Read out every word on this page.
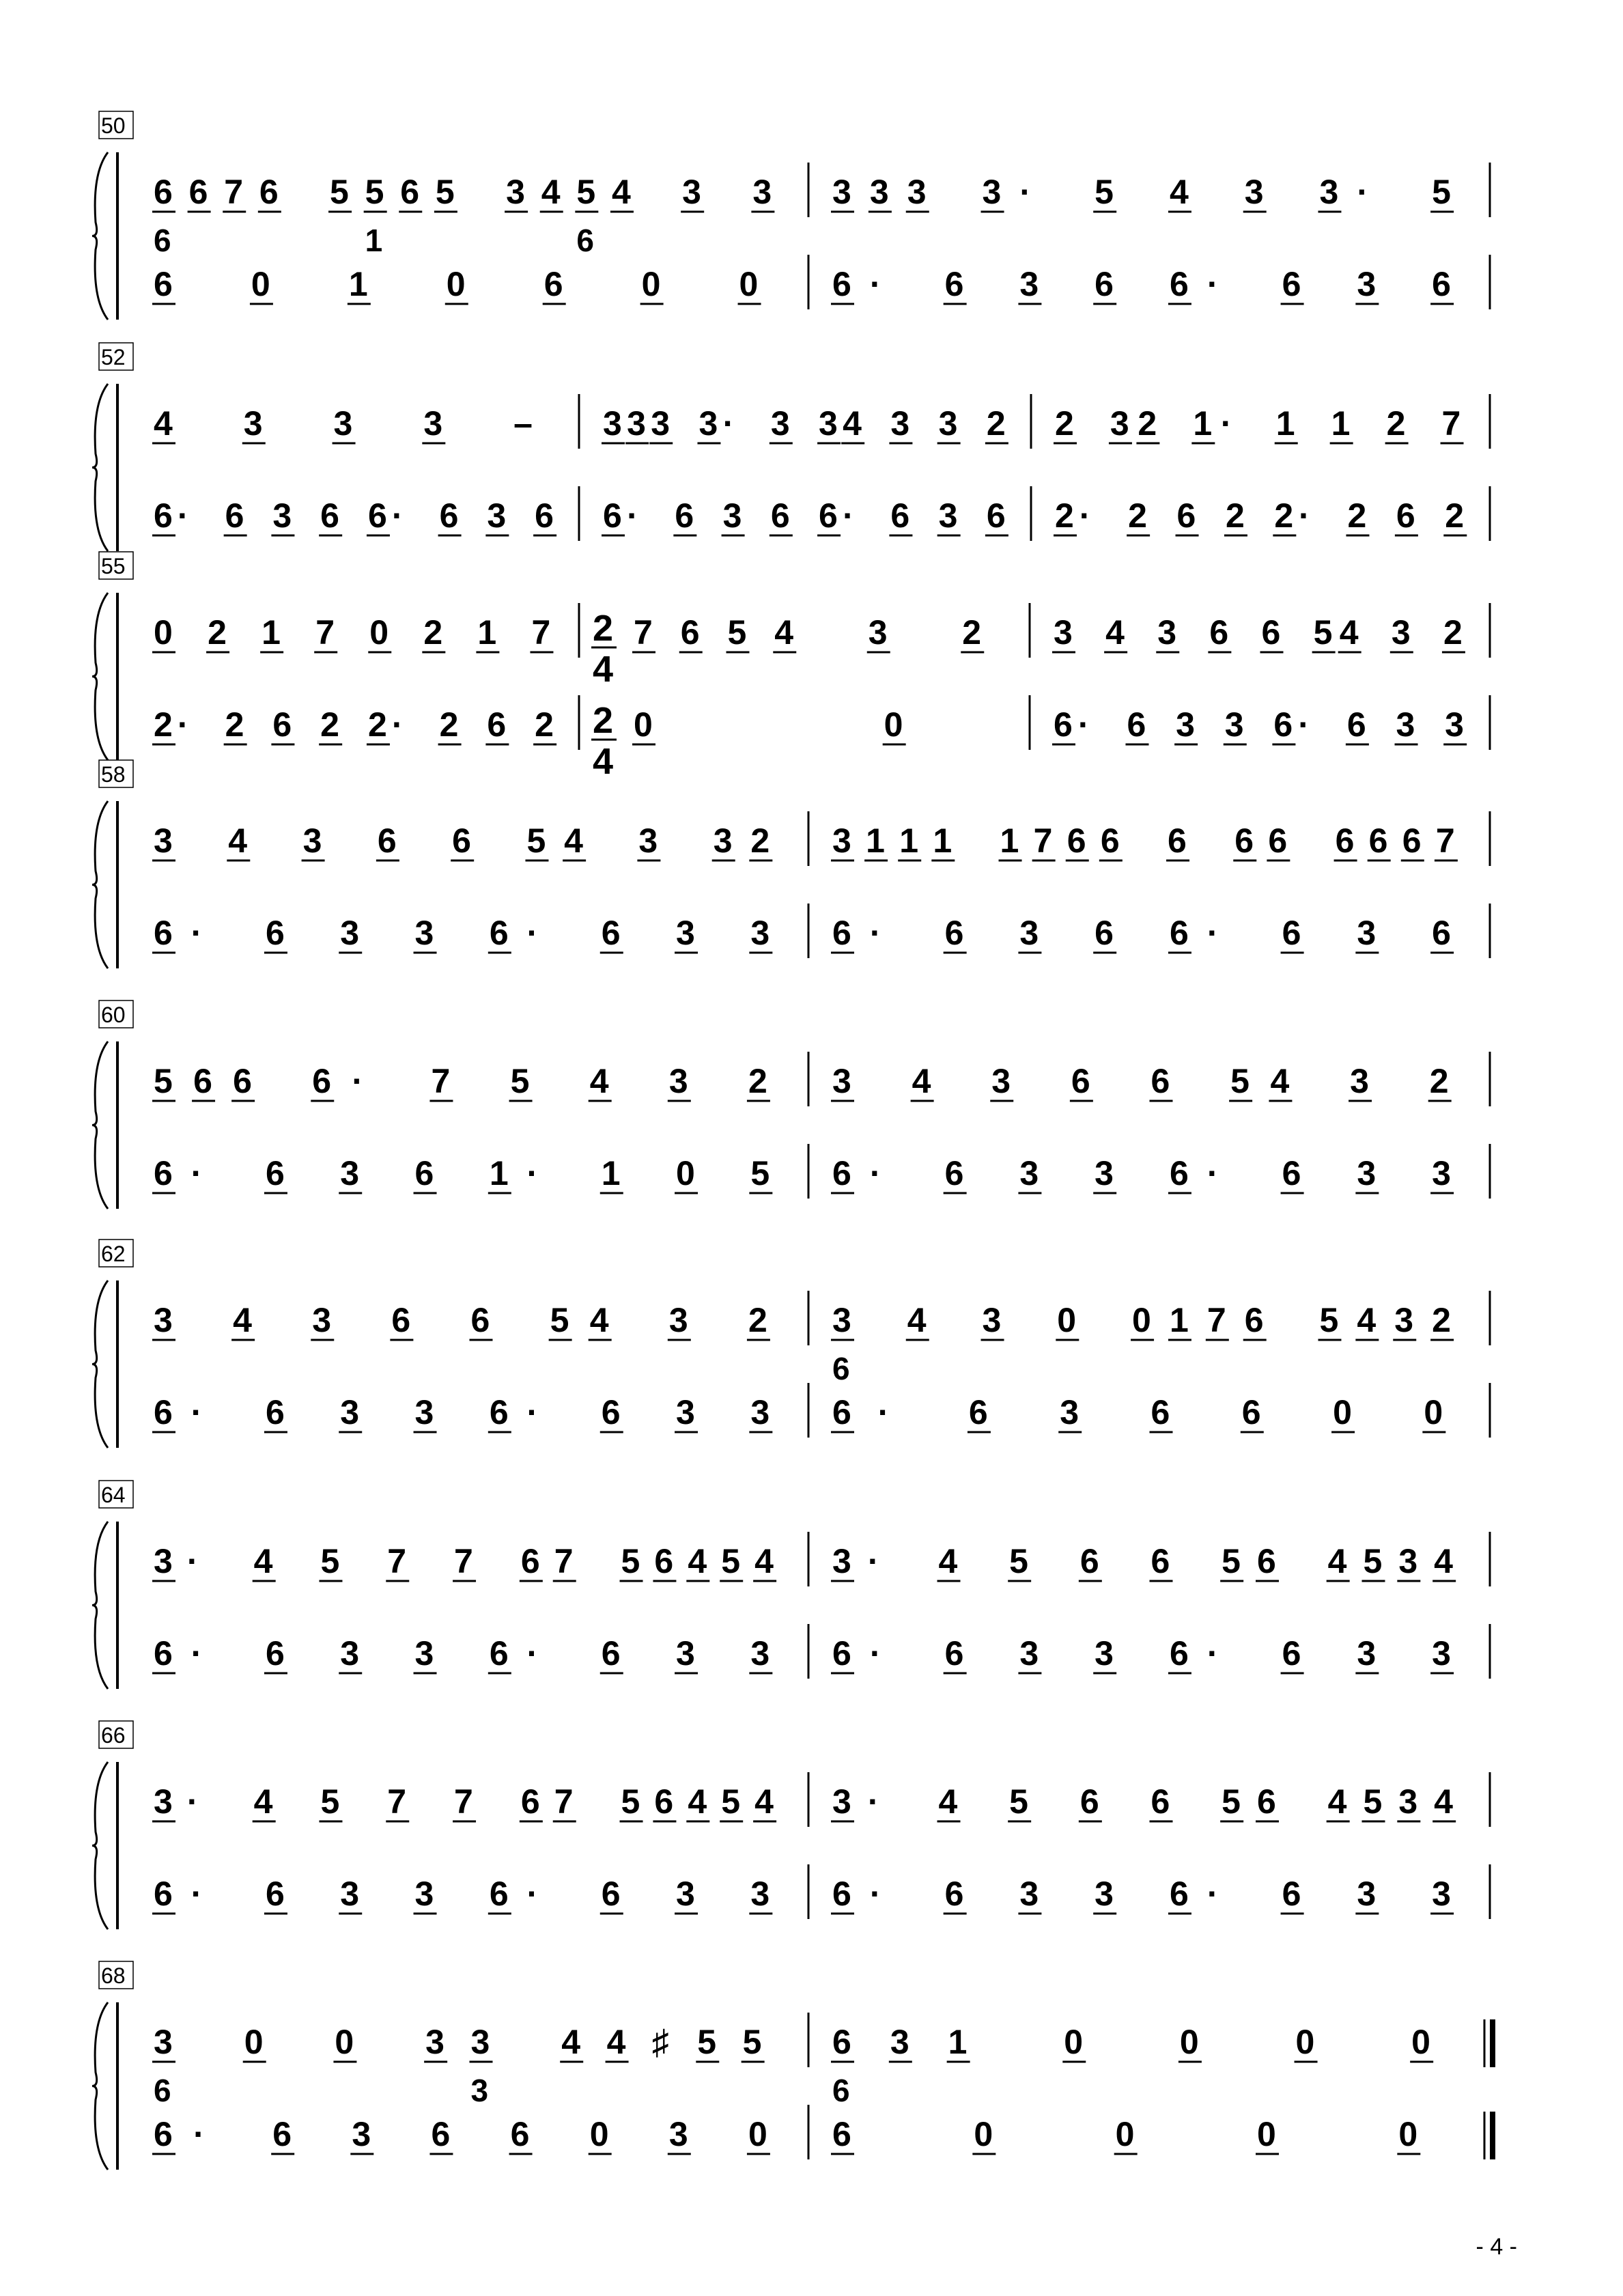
50
6 6 7 6 5 5 6 5 3 4 5 4 3 3
6 0 1 0 6 0 0
6	1	6
3 3 3 3 · 5 4 3 3 · 5
6 · 6 3 6 6 · 6 3 6
52
4 3 3 3 –
6 · 6 3 6 6 · 6 3 6
3 3 3 3 · 3 3 4 3 3 2
6 · 6 3 6 6 · 6 3 6
2 3 2 1 · 1 1 2 7
2 · 2 6 2 2 · 2 6 2
55
0 2 1 7 0 2 1 7
2 · 2 6 2 2 · 2 6 2
2
4
2
4
7 6 5 4 3 2
0	0
3 4 3 6 6 5 4 3 2
6 · 6 3 3 6 · 6 3 3
58
3 4 3 6 6 5 4 3 3 2
6 · 6 3 3 6 · 6 3 3
3 1 1 1 1 7 6 6 6 6 6 6 6 6 7
6 · 6 3 6 6 · 6 3 6
60
5 6 6 6 · 7 5 4 3 2
6 · 6 3 6 1 · 1 0 5
3 4 3 6 6 5 4 3 2
6 · 6 3 3 6 · 6 3 3
62
3 4 3 6 6 5 4 3 2
6 · 6 3 3 6 · 6 3 3
3 4 3 0 0 1 7 6 5 4 3 2
6 · 6 3 6 6 0 0
6
64
3 · 4 5 7 7 6 7 5 6 4 5 4
6 · 6 3 3 6 · 6 3 3
3 · 4 5 6 6 5 6 4 5 3 4
6 · 6 3 3 6 · 6 3 3
66
3 · 4 5 7 7 6 7 5 6 4 5 4
6 · 6 3 3 6 · 6 3 3
3 · 4 5 6 6 5 6 4 5 3 4
6 · 6 3 3 6 · 6 3 3
68
3 0 0 3 3 4 4 ♯ 5 5
6 · 6 3 6 6 0 3 0
6	3
6 3 1	0	0	0	0
6	0	0	0	0
6
- 4 -
